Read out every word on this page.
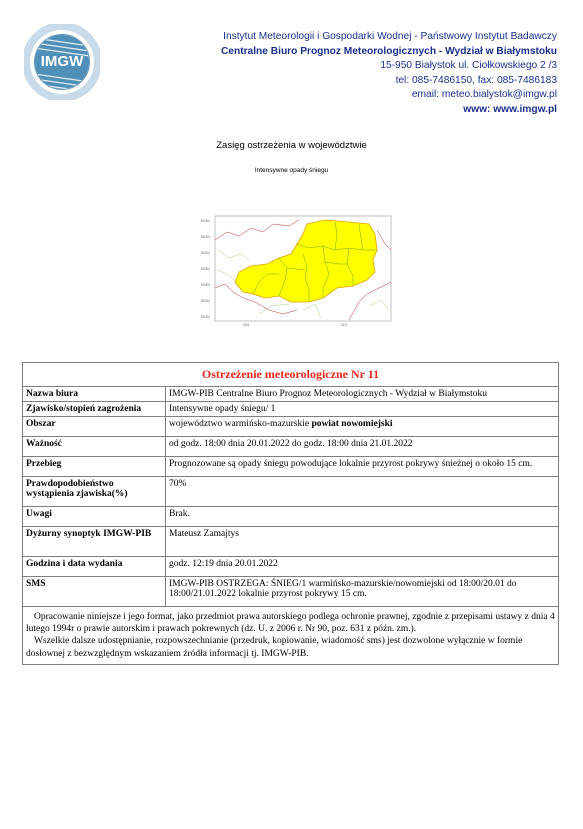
IMGW
Instytut Meteorologii i Gospodarki Wodnej - Państwowy Instytut Badawczy
Centralne Biuro Prognoz Meteorologicznych - Wydział w Białymstoku
15-950 Białystok ul. Ciołkowskiego 2 /3
tel: 085-7486150, fax: 085-7486183
email: meteo.bialystok@imgw.pl
www: www.imgw.pl
Zasięg ostrzeżenia w województwie
Intensywne opady śniegu
54.4N
54.2N
54.0N
53.8N
53.6N
53.4N
53.2N
20.5	22.0
Ostrzeżenie meteorologiczne Nr 11	
Nazwa biura	IMGW-PIB Centralne Biuro Prognoz Meteorologicznych - Wydział w Białymstoku
Zjawisko/stopień zagrożenia	Intensywne opady śniegu/ 1
Obszar	województwo warmińsko-mazurskie powiat nowomiejski
Ważność	od godz. 18:00 dnia 20.01.2022 do godz. 18:00 dnia 21.01.2022
Przebieg	Prognozowane są opady śniegu powodujące lokalnie przyrost pokrywy śnieżnej o około 15 cm.
Prawdopodobieństwo wystąpienia zjawiska(%)	70%
Uwagi	Brak.
Dyżurny synoptyk IMGW-PIB	Mateusz Zamajtys
Godzina i data wydania	godz. 12:19 dnia 20.01.2022
SMS	IMGW-PIB OSTRZEGA: ŚNIEG/1 warmińsko-mazurskie/nowomiejski od 18:00/20.01 do 18:00/21.01.2022 lokalnie przyrost pokrywy 15 cm.

Opracowanie niniejsze i jego format, jako przedmiot prawa autorskiego podlega ochronie prawnej, zgodnie z przepisami ustawy z dnia 4 lutego 1994r o prawie autorskim i prawach pokrewnych (dz. U. z 2006 r. Nr 90, poz. 631 z późn. zm.).
Wszelkie dalsze udostępnianie, rozpowszechnianie (przedruk, kopiowanie, wiadomość sms) jest dozwolone wyłącznie w formie dosłownej z bezwzględnym wskazaniem źródła informacji tj. IMGW-PIB.	
